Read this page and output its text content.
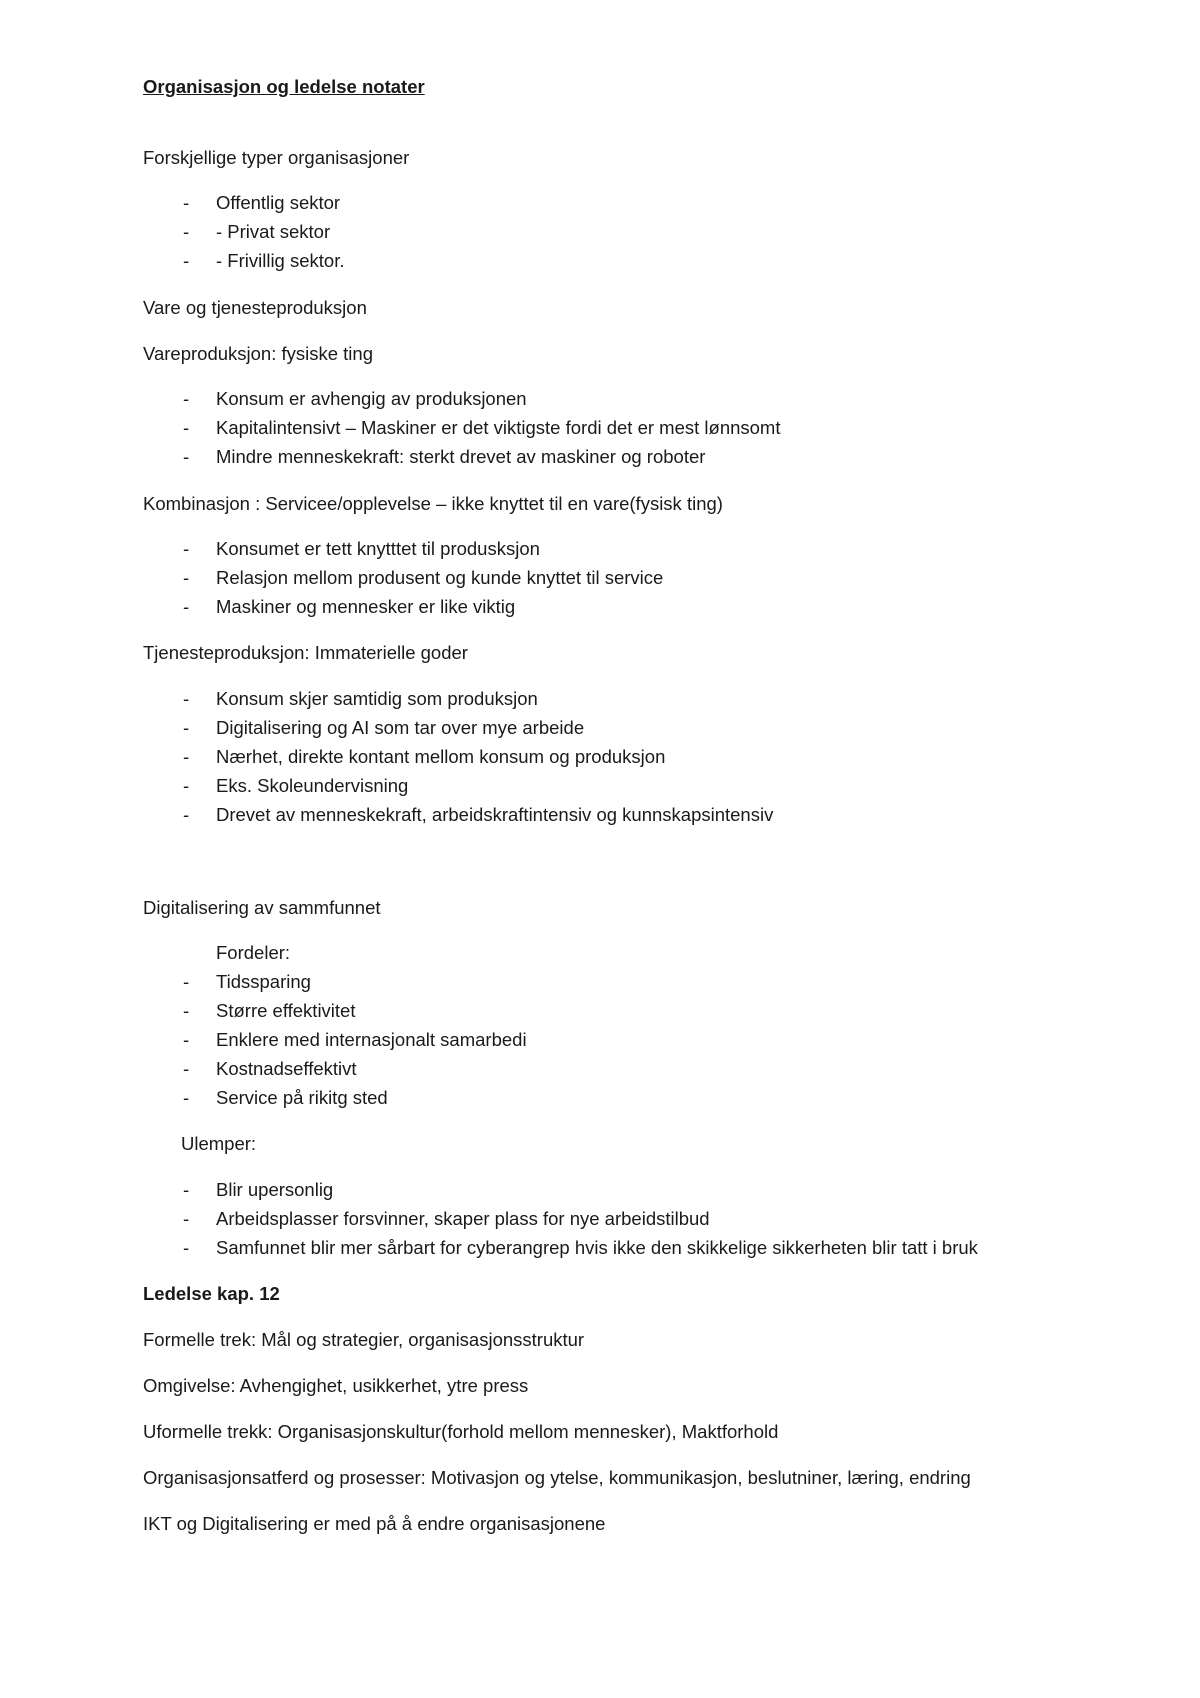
Organisasjon og ledelse notater
Forskjellige typer organisasjoner
- Offentlig sektor
- - Privat sektor
- - Frivillig sektor.
Vare og tjenesteproduksjon
Vareproduksjon: fysiske ting
- Konsum er avhengig av produksjonen
- Kapitalintensivt – Maskiner er det viktigste fordi det er mest lønnsomt
- Mindre menneskekraft: sterkt drevet av maskiner og roboter
Kombinasjon : Servicee/opplevelse – ikke knyttet til en vare(fysisk ting)
- Konsumet er tett knytttet til produsksjon
- Relasjon mellom produsent og kunde knyttet til service
- Maskiner og mennesker er like viktig
Tjenesteproduksjon: Immaterielle goder
- Konsum skjer samtidig som produksjon
- Digitalisering og AI som tar over mye arbeide
- Nærhet, direkte kontant mellom konsum og produksjon
- Eks. Skoleundervisning
- Drevet av menneskekraft, arbeidskraftintensiv og kunnskapsintensiv
Digitalisering av sammfunnet
Fordeler:
- Tidssparing
- Større effektivitet
- Enklere med internasjonalt samarbedi
- Kostnadseffektivt
- Service på rikitg sted
Ulemper:
- Blir upersonlig
- Arbeidsplasser forsvinner, skaper plass for nye arbeidstilbud
- Samfunnet blir mer sårbart for cyberangrep hvis ikke den skikkelige sikkerheten blir tatt i bruk
Ledelse kap. 12
Formelle trek: Mål og strategier, organisasjonsstruktur
Omgivelse: Avhengighet, usikkerhet, ytre press
Uformelle trekk: Organisasjonskultur(forhold mellom mennesker), Maktforhold
Organisasjonsatferd og prosesser: Motivasjon og ytelse, kommunikasjon, beslutniner, læring, endring
IKT og Digitalisering er med på å endre organisasjonene
